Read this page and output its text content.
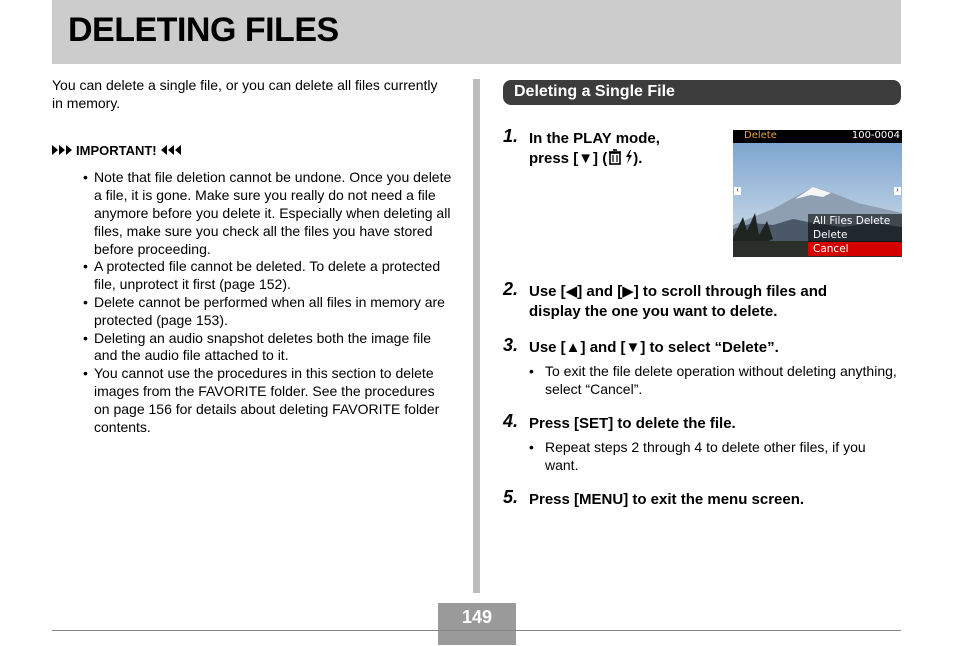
DELETING FILES

You can delete a single file, or you can delete all files currently in memory.

IMPORTANT!
• Note that file deletion cannot be undone. Once you delete a file, it is gone. Make sure you really do not need a file anymore before you delete it. Especially when deleting all files, make sure you check all the files you have stored before proceeding.
• A protected file cannot be deleted. To delete a protected file, unprotect it first (page 152).
• Delete cannot be performed when all files in memory are protected (page 153).
• Deleting an audio snapshot deletes both the image file and the audio file attached to it.
• You cannot use the procedures in this section to delete images from the FAVORITE folder. See the procedures on page 156 for details about deleting FAVORITE folder contents.
Deleting a Single File
1. In the PLAY mode,
press [▼] ( ).
Delete	100-0004
‹	›
All Files Delete
Delete
Cancel
2. Use [◀] and [▶] to scroll through files and
display the one you want to delete.
3. Use [▲] and [▼] to select “Delete”.
• To exit the file delete operation without deleting anything, select “Cancel”.
4. Press [SET] to delete the file.
• Repeat steps 2 through 4 to delete other files, if you want.
5. Press [MENU] to exit the menu screen.
149
